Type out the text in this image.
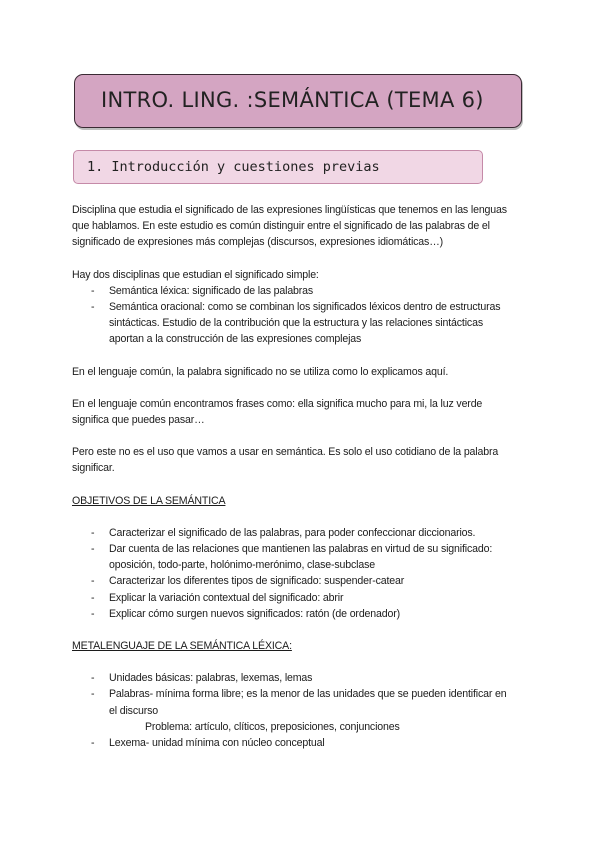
INTRO. LING. :SEMÁNTICA (TEMA 6)
1. Introducción y cuestiones previas

Disciplina que estudia el significado de las expresiones lingüísticas que tenemos en las lenguas
que hablamos. En este estudio es común distinguir entre el significado de las palabras de el
significado de expresiones más complejas (discursos, expresiones idiomáticas…)

Hay dos disciplinas que estudian el significado simple:

- Semántica léxica: significado de las palabras
- Semántica oracional: como se combinan los significados léxicos dentro de estructuras
sintácticas. Estudio de la contribución que la estructura y las relaciones sintácticas
aportan a la construcción de las expresiones complejas

En el lenguaje común, la palabra significado no se utiliza como lo explicamos aquí.

En el lenguaje común encontramos frases como: ella significa mucho para mi, la luz verde
significa que puedes pasar…

Pero este no es el uso que vamos a usar en semántica. Es solo el uso cotidiano de la palabra
significar.

OBJETIVOS DE LA SEMÁNTICA

- Caracterizar el significado de las palabras, para poder confeccionar diccionarios.
- Dar cuenta de las relaciones que mantienen las palabras en virtud de su significado:
oposición, todo-parte, holónimo-merónimo, clase-subclase
- Caracterizar los diferentes tipos de significado: suspender-catear
- Explicar la variación contextual del significado: abrir
- Explicar cómo surgen nuevos significados: ratón (de ordenador)

METALENGUAJE DE LA SEMÁNTICA LÉXICA:

- Unidades básicas: palabras, lexemas, lemas
- Palabras- mínima forma libre; es la menor de las unidades que se pueden identificar en
el discurso

Problema: artículo, clíticos, preposiciones, conjunciones

- Lexema- unidad mínima con núcleo conceptual
